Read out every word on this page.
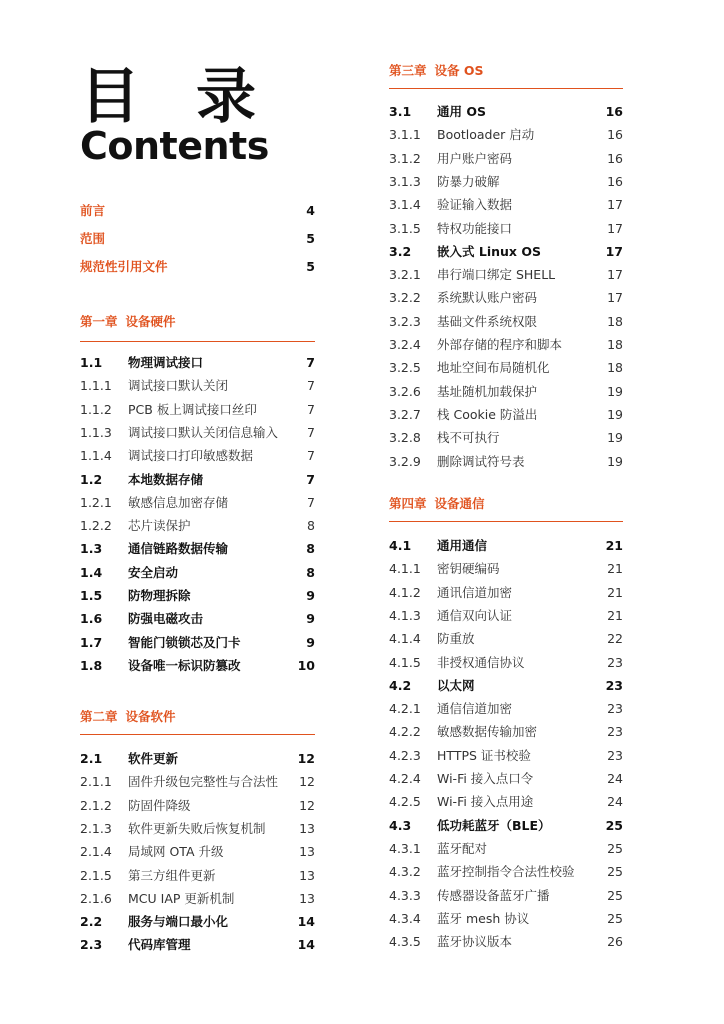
目 录
Contents
前言	4
范围	5
规范性引用文件	5
第一章 设备硬件
1.1 物理调试接口	7
1.1.1 调试接口默认关闭	7
1.1.2 PCB 板上调试接口丝印	7
1.1.3 调试接口默认关闭信息输入 7
1.1.4 调试接口打印敏感数据	7
1.2 本地数据存储	7
1.2.1 敏感信息加密存储	7
1.2.2 芯片读保护	8
1.3 通信链路数据传输	8
1.4 安全启动	8
1.5 防物理拆除	9
1.6 防强电磁攻击	9
1.7 智能门锁锁芯及门卡	9
1.8 设备唯一标识防篡改	10
第二章 设备软件
2.1 软件更新	12
2.1.1 固件升级包完整性与合法性 12
2.1.2 防固件降级	12
2.1.3 软件更新失败后恢复机制	13
2.1.4 局域网 OTA 升级	13
2.1.5 第三方组件更新	13
2.1.6 MCU IAP 更新机制	13
2.2 服务与端口最小化	14
2.3 代码库管理	14
第三章 设备 OS
3.1 通用 OS	16
3.1.1 Bootloader 启动	16
3.1.2 用户账户密码	16
3.1.3 防暴力破解	16
3.1.4 验证输入数据	17
3.1.5 特权功能接口	17
3.2 嵌入式 Linux OS	17
3.2.1 串行端口绑定 SHELL	17
3.2.2 系统默认账户密码	17
3.2.3 基础文件系统权限	18
3.2.4 外部存储的程序和脚本	18
3.2.5 地址空间布局随机化	18
3.2.6 基址随机加载保护	19
3.2.7 栈 Cookie 防溢出	19
3.2.8 栈不可执行	19
3.2.9 删除调试符号表	19
第四章 设备通信
4.1 通用通信	21
4.1.1 密钥硬编码	21
4.1.2 通讯信道加密	21
4.1.3 通信双向认证	21
4.1.4 防重放	22
4.1.5 非授权通信协议	23
4.2 以太网	23
4.2.1 通信信道加密	23
4.2.2 敏感数据传输加密	23
4.2.3 HTTPS 证书校验	23
4.2.4 Wi-Fi 接入点口令	24
4.2.5 Wi-Fi 接入点用途	24
4.3 低功耗蓝牙（BLE）	25
4.3.1 蓝牙配对	25
4.3.2 蓝牙控制指令合法性校验	25
4.3.3 传感器设备蓝牙广播	25
4.3.4 蓝牙 mesh 协议	25
4.3.5 蓝牙协议版本	26
